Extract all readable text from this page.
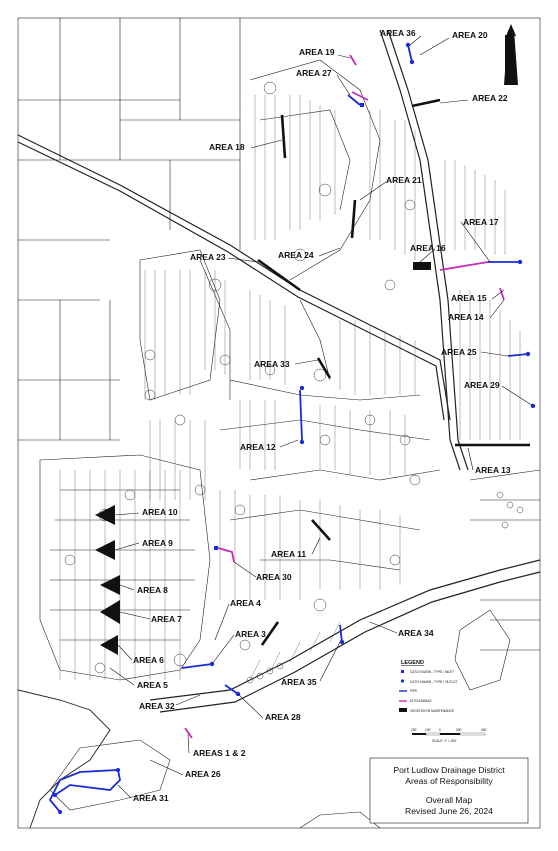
AREA 36	AREA 20
AREA 19
AREA 27
AREA 22
AREA 18
AREA 21
AREA 17
AREA 16
AREA 23	AREA 24
AREA 15
AREA 14
AREA 25
AREA 33
AREA 29
AREA 12
AREA 13
AREA 10
AREA 9
AREA 11
AREA 30
AREA 8
AREA 4
AREA 7
AREA 3	AREA 34
AREA 6
AREA 5	AREA 35
AREA 32
AREA 28
AREAS 1 & 2
AREA 26
AREA 31
LEGEND
CATCH BASIN - TYPE I INLET
CATCH BASIN - TYPE I OUTLET
PIPE
DITCH/SWALE
VEGETATION MAINTENANCE
200'	100'	0	200'	400'
SCALE: 1" = 200'
Port Ludlow Drainage District
Areas of Responsibility
Overall Map
Revised June 26, 2024
